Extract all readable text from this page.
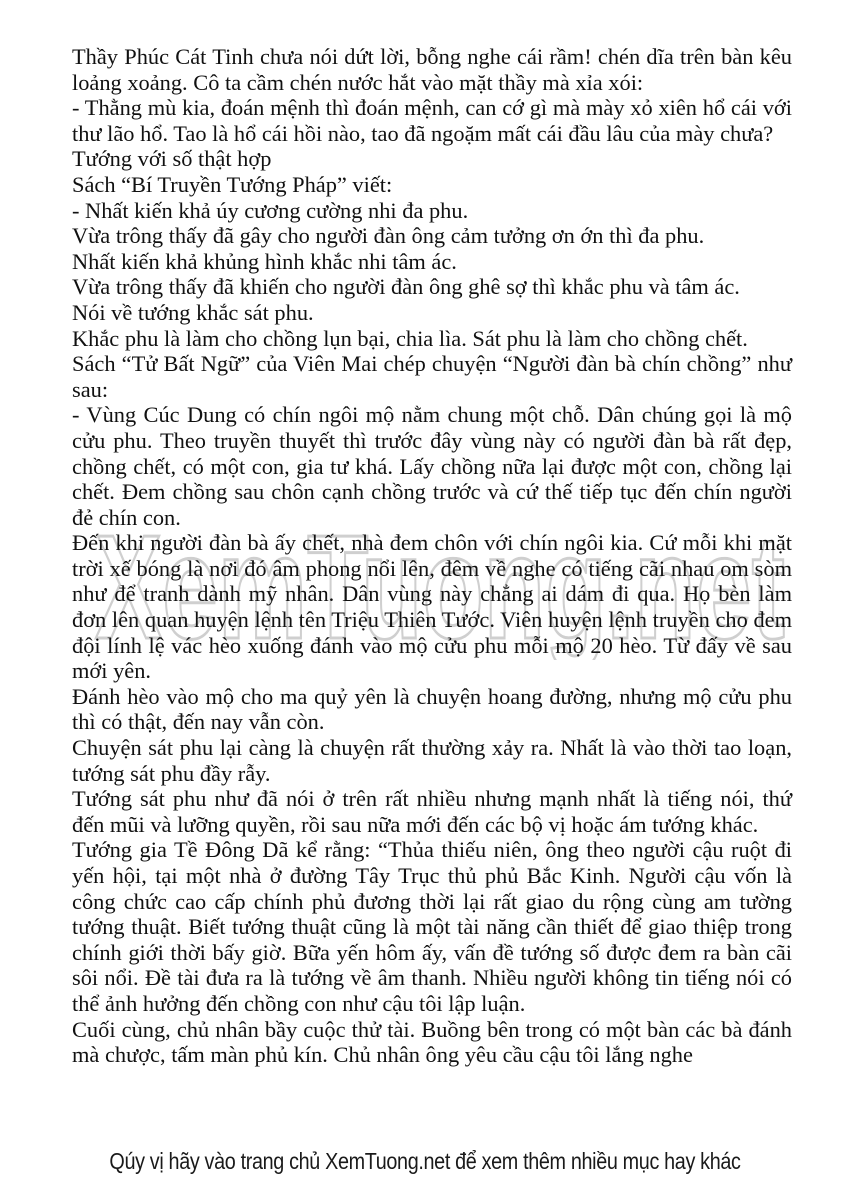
XemTuong.net

Thầy Phúc Cát Tinh chưa nói dứt lời, bỗng nghe cái rầm! chén dĩa trên bàn kêu loảng xoảng. Cô ta cầm chén nước hắt vào mặt thầy mà xỉa xói:

- Thằng mù kia, đoán mệnh thì đoán mệnh, can cớ gì mà mày xỏ xiên hổ cái với thư lão hổ. Tao là hổ cái hồi nào, tao đã ngoặm mất cái đầu lâu của mày chưa?

Tướng với số thật hợp

Sách “Bí Truyền Tướng Pháp” viết:

- Nhất kiến khả úy cương cường nhi đa phu.

Vừa trông thấy đã gây cho người đàn ông cảm tưởng ơn ớn thì đa phu.

Nhất kiến khả khủng hình khắc nhi tâm ác.

Vừa trông thấy đã khiến cho người đàn ông ghê sợ thì khắc phu và tâm ác.

Nói về tướng khắc sát phu.

Khắc phu là làm cho chồng lụn bại, chia lìa. Sát phu là làm cho chồng chết.

Sách “Tử Bất Ngữ” của Viên Mai chép chuyện “Người đàn bà chín chồng” như sau:

- Vùng Cúc Dung có chín ngôi mộ nằm chung một chỗ. Dân chúng gọi là mộ cửu phu. Theo truyền thuyết thì trước đây vùng này có người đàn bà rất đẹp, chồng chết, có một con, gia tư khá. Lấy chồng nữa lại được một con, chồng lại chết. Đem chồng sau chôn cạnh chồng trước và cứ thế tiếp tục đến chín người đẻ chín con.

Đến khi người đàn bà ấy chết, nhà đem chôn với chín ngôi kia. Cứ mỗi khi mặt trời xế bóng là nơi đó âm phong nổi lên, đêm về nghe có tiếng cãi nhau om sòm như để tranh dành mỹ nhân. Dân vùng này chẳng ai dám đi qua. Họ bèn làm đơn lên quan huyện lệnh tên Triệu Thiên Tước. Viên huyện lệnh truyền cho đem đội lính lệ vác hèo xuống đánh vào mộ cửu phu mỗi mộ 20 hèo. Từ đấy về sau mới yên.

Đánh hèo vào mộ cho ma quỷ yên là chuyện hoang đường, nhưng mộ cửu phu thì có thật, đến nay vẫn còn.

Chuyện sát phu lại càng là chuyện rất thường xảy ra. Nhất là vào thời tao loạn, tướng sát phu đầy rẫy.

Tướng sát phu như đã nói ở trên rất nhiều nhưng mạnh nhất là tiếng nói, thứ đến mũi và lưỡng quyền, rồi sau nữa mới đến các bộ vị hoặc ám tướng khác.

Tướng gia Tề Đông Dã kể rằng: “Thủa thiếu niên, ông theo người cậu ruột đi yến hội, tại một nhà ở đường Tây Trục thủ phủ Bắc Kinh. Người cậu vốn là công chức cao cấp chính phủ đương thời lại rất giao du rộng cùng am tường tướng thuật. Biết tướng thuật cũng là một tài năng cần thiết để giao thiệp trong chính giới thời bấy giờ. Bữa yến hôm ấy, vấn đề tướng số được đem ra bàn cãi sôi nổi. Đề tài đưa ra là tướng về âm thanh. Nhiều người không tin tiếng nói có thể ảnh hưởng đến chồng con như cậu tôi lập luận.

Cuối cùng, chủ nhân bầy cuộc thử tài. Buồng bên trong có một bàn các bà đánh mà chược, tấm màn phủ kín. Chủ nhân ông yêu cầu cậu tôi lắng nghe

Qúy vị hãy vào trang chủ XemTuong.net để xem thêm nhiều mục hay khác
